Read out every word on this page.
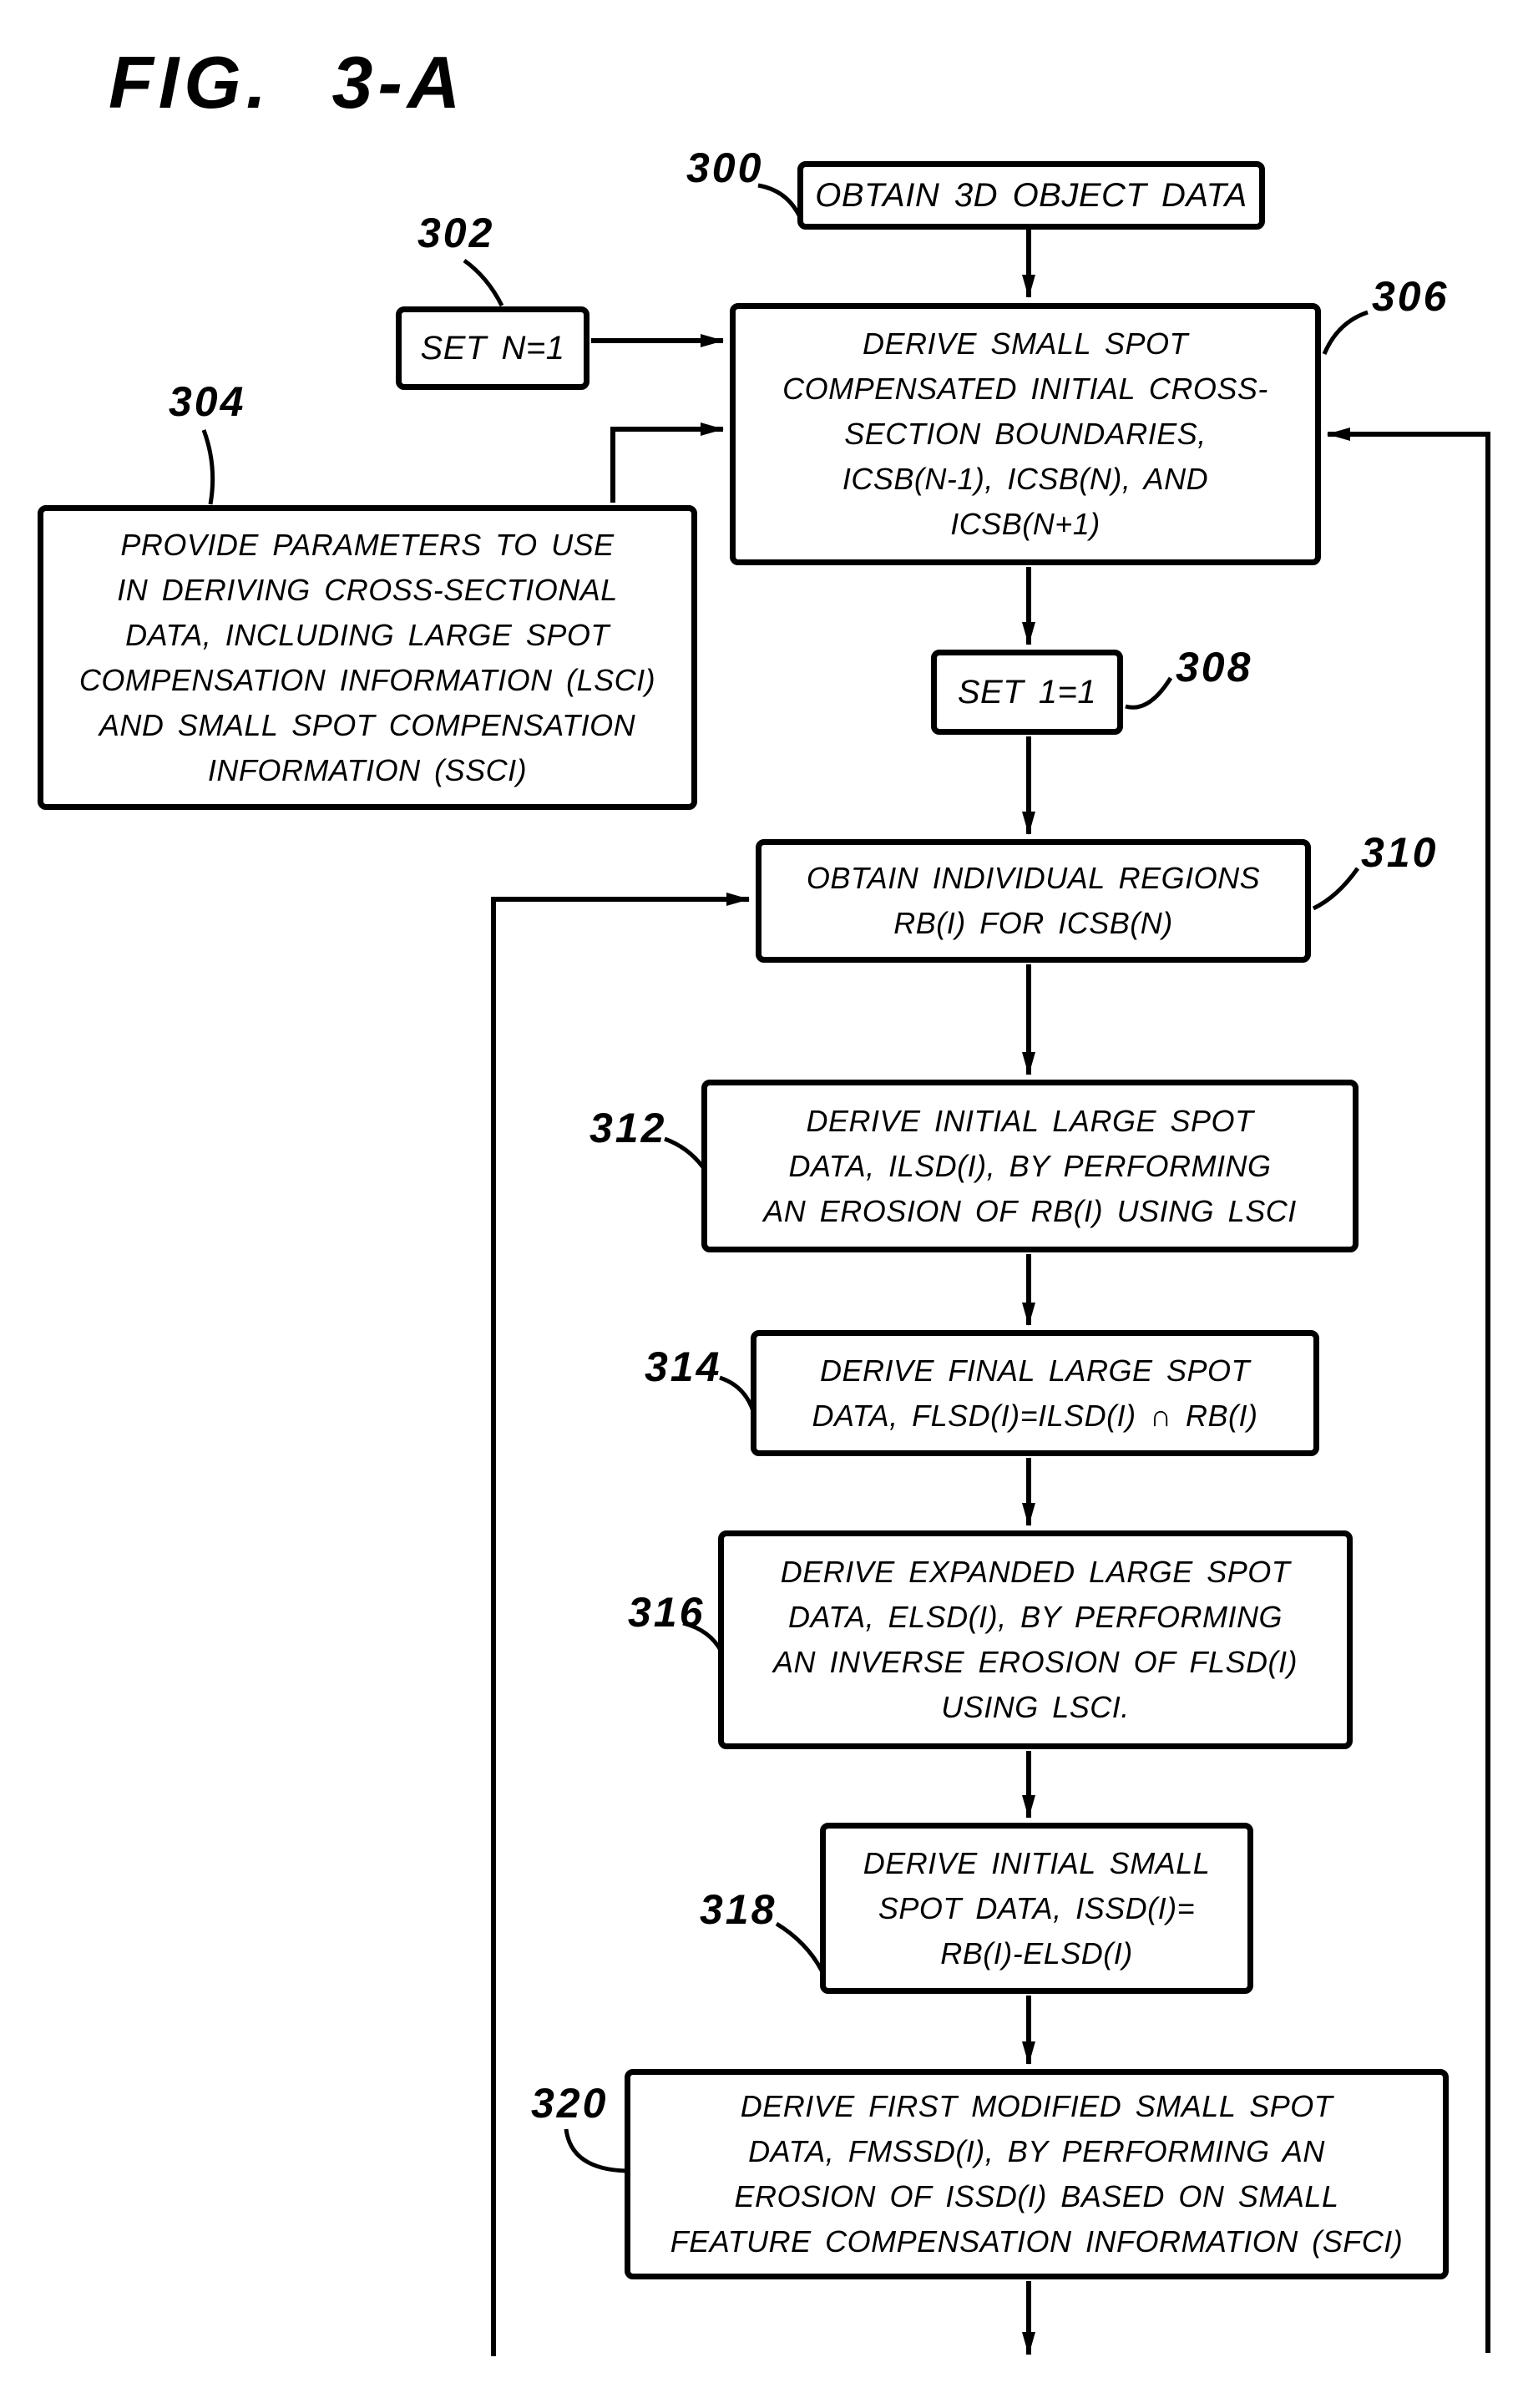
FIG. 3-A
OBTAIN 3D OBJECT DATA
SET N=1
PROVIDE PARAMETERS TO USE
IN DERIVING CROSS-SECTIONAL
DATA, INCLUDING LARGE SPOT
COMPENSATION INFORMATION (LSCI)
AND SMALL SPOT COMPENSATION
INFORMATION (SSCI)
DERIVE SMALL SPOT
COMPENSATED INITIAL CROSS-
SECTION BOUNDARIES,
ICSB(N-1), ICSB(N), AND
ICSB(N+1)
SET 1=1
OBTAIN INDIVIDUAL REGIONS
RB(I) FOR ICSB(N)
DERIVE INITIAL LARGE SPOT
DATA, ILSD(I), BY PERFORMING
AN EROSION OF RB(I) USING LSCI
DERIVE FINAL LARGE SPOT
DATA, FLSD(I)=ILSD(I) ∩ RB(I)
DERIVE EXPANDED LARGE SPOT
DATA, ELSD(I), BY PERFORMING
AN INVERSE EROSION OF FLSD(I)
USING LSCI.
DERIVE INITIAL SMALL
SPOT DATA, ISSD(I)=
RB(I)-ELSD(I)
DERIVE FIRST MODIFIED SMALL SPOT
DATA, FMSSD(I), BY PERFORMING AN
EROSION OF ISSD(I) BASED ON SMALL
FEATURE COMPENSATION INFORMATION (SFCI)
300
302
304
306
308
310
312
314
316
318
320
